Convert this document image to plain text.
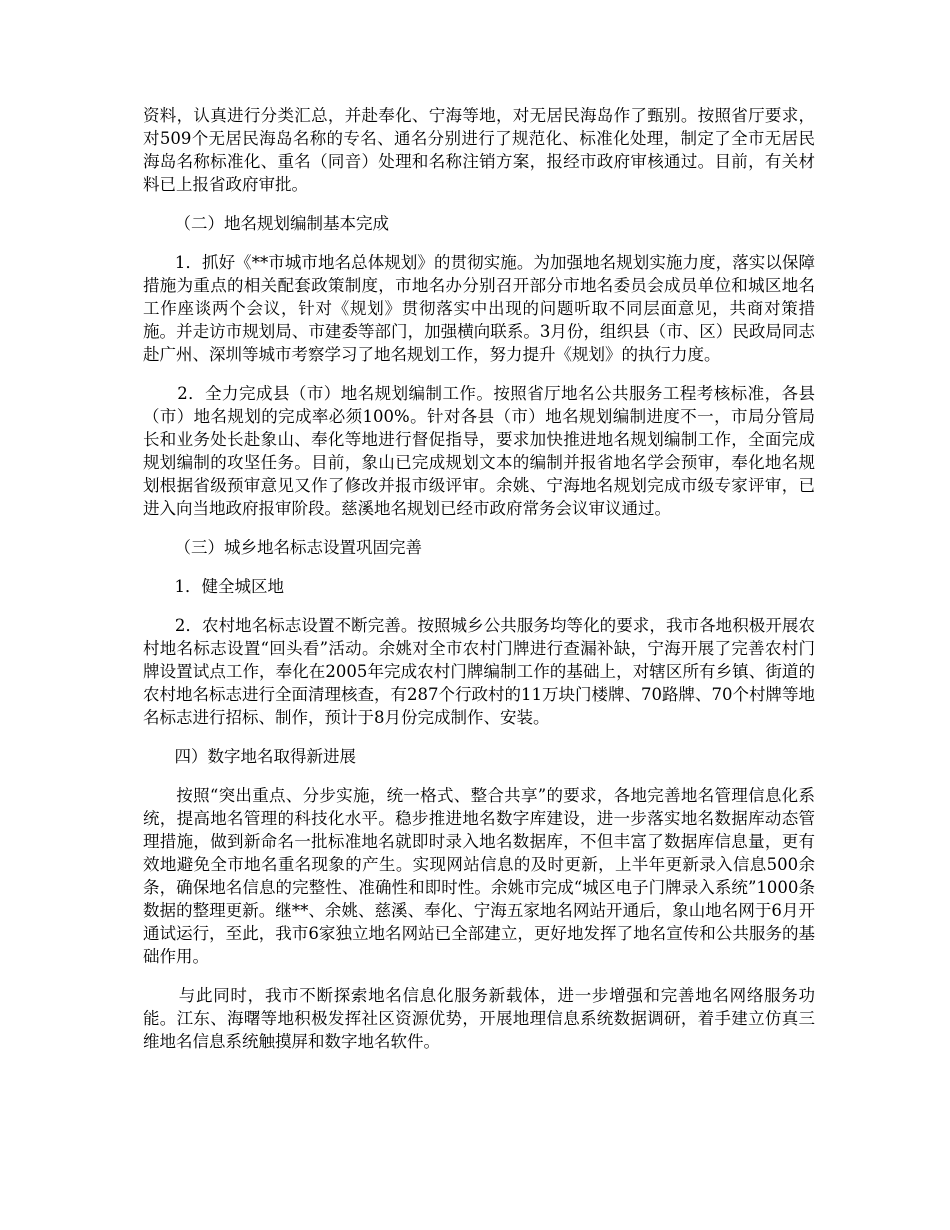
资料，认真进行分类汇总，并赴奉化、宁海等地，对无居民海岛作了甄别。按照省厅要求，对509个无居民海岛名称的专名、通名分别进行了规范化、标准化处理，制定了全市无居民海岛名称标准化、重名（同音）处理和名称注销方案，报经市政府审核通过。目前，有关材料已上报省政府审批。

（二）地名规划编制基本完成

1．抓好《**市城市地名总体规划》的贯彻实施。为加强地名规划实施力度，落实以保障措施为重点的相关配套政策制度，市地名办分别召开部分市地名委员会成员单位和城区地名工作座谈两个会议，针对《规划》贯彻落实中出现的问题听取不同层面意见，共商对策措施。并走访市规划局、市建委等部门，加强横向联系。3月份，组织县（市、区）民政局同志赴广州、深圳等城市考察学习了地名规划工作，努力提升《规划》的执行力度。

2．全力完成县（市）地名规划编制工作。按照省厅地名公共服务工程考核标准，各县（市）地名规划的完成率必须100%。针对各县（市）地名规划编制进度不一，市局分管局长和业务处长赴象山、奉化等地进行督促指导，要求加快推进地名规划编制工作，全面完成规划编制的攻坚任务。目前，象山已完成规划文本的编制并报省地名学会预审，奉化地名规划根据省级预审意见又作了修改并报市级评审。余姚、宁海地名规划完成市级专家评审，已进入向当地政府报审阶段。慈溪地名规划已经市政府常务会议审议通过。

（三）城乡地名标志设置巩固完善

1．健全城区地

2．农村地名标志设置不断完善。按照城乡公共服务均等化的要求，我市各地积极开展农村地名标志设置“回头看”活动。余姚对全市农村门牌进行查漏补缺，宁海开展了完善农村门牌设置试点工作，奉化在2005年完成农村门牌编制工作的基础上，对辖区所有乡镇、街道的农村地名标志进行全面清理核查，有287个行政村的11万块门楼牌、70路牌、70个村牌等地名标志进行招标、制作，预计于8月份完成制作、安装。

四）数字地名取得新进展

按照“突出重点、分步实施，统一格式、整合共享”的要求，各地完善地名管理信息化系统，提高地名管理的科技化水平。稳步推进地名数字库建设，进一步落实地名数据库动态管理措施，做到新命名一批标准地名就即时录入地名数据库，不但丰富了数据库信息量，更有效地避免全市地名重名现象的产生。实现网站信息的及时更新，上半年更新录入信息500余条，确保地名信息的完整性、准确性和即时性。余姚市完成“城区电子门牌录入系统”1000条数据的整理更新。继**、余姚、慈溪、奉化、宁海五家地名网站开通后，象山地名网于6月开通试运行，至此，我市6家独立地名网站已全部建立，更好地发挥了地名宣传和公共服务的基础作用。

与此同时，我市不断探索地名信息化服务新载体，进一步增强和完善地名网络服务功能。江东、海曙等地积极发挥社区资源优势，开展地理信息系统数据调研，着手建立仿真三维地名信息系统触摸屏和数字地名软件。
